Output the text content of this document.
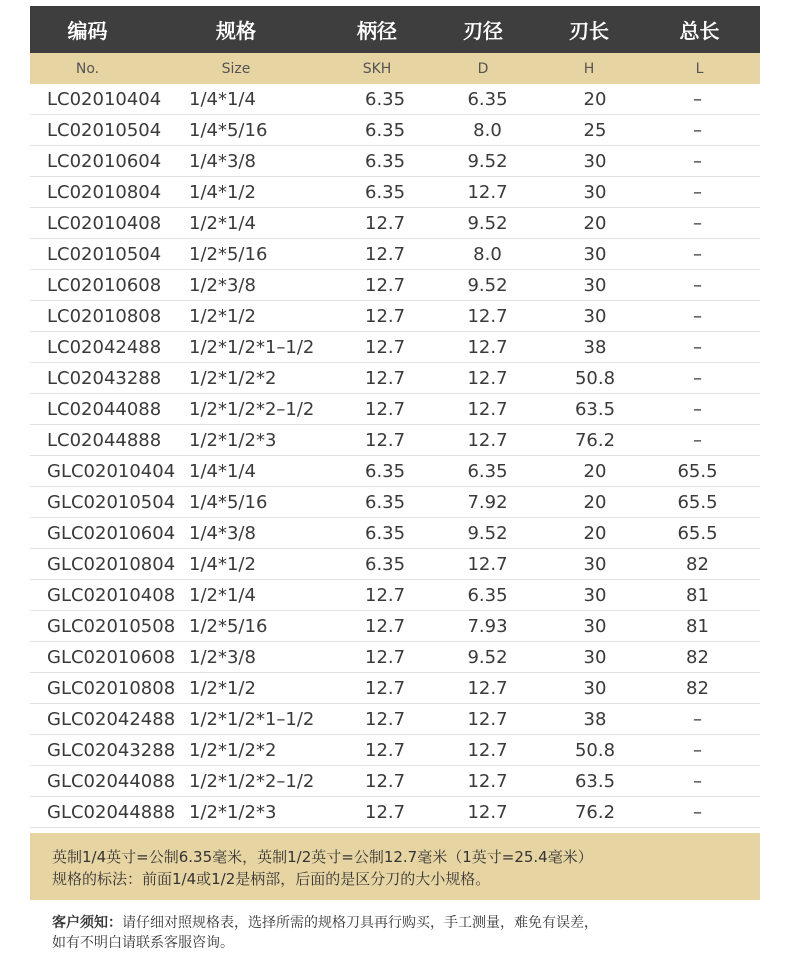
编码	规格	柄径	刃径	刃长	总长
No.	Size	SKH	D	H	L
LC02010404	1/4*1/4	6.35	6.35	20	–
LC02010504	1/4*5/16	6.35	8.0	25	–
LC02010604	1/4*3/8	6.35	9.52	30	–
LC02010804	1/4*1/2	6.35	12.7	30	–
LC02010408	1/2*1/4	12.7	9.52	20	–
LC02010504	1/2*5/16	12.7	8.0	30	–
LC02010608	1/2*3/8	12.7	9.52	30	–
LC02010808	1/2*1/2	12.7	12.7	30	–
LC02042488	1/2*1/2*1–1/2	12.7	12.7	38	–
LC02043288	1/2*1/2*2	12.7	12.7	50.8	–
LC02044088	1/2*1/2*2–1/2	12.7	12.7	63.5	–
LC02044888	1/2*1/2*3	12.7	12.7	76.2	–
GLC02010404 1/4*1/4	6.35	6.35	20	65.5
GLC02010504 1/4*5/16	6.35	7.92	20	65.5
GLC02010604 1/4*3/8	6.35	9.52	20	65.5
GLC02010804 1/4*1/2	6.35	12.7	30	82
GLC02010408 1/2*1/4	12.7	6.35	30	81
GLC02010508 1/2*5/16	12.7	7.93	30	81
GLC02010608 1/2*3/8	12.7	9.52	30	82
GLC02010808 1/2*1/2	12.7	12.7	30	82
GLC02042488 1/2*1/2*1–1/2	12.7	12.7	38	–
GLC02043288 1/2*1/2*2	12.7	12.7	50.8	–
GLC02044088 1/2*1/2*2–1/2	12.7	12.7	63.5	–
GLC02044888 1/2*1/2*3	12.7	12.7	76.2	–
英制1/4英寸=公制6.35毫米，英制1/2英寸=公制12.7毫米（1英寸=25.4毫米）
规格的标法：前面1/4或1/2是柄部，后面的是区分刀的大小规格。
客户须知：请仔细对照规格表，选择所需的规格刀具再行购买，手工测量，难免有误差，
如有不明白请联系客服咨询。
